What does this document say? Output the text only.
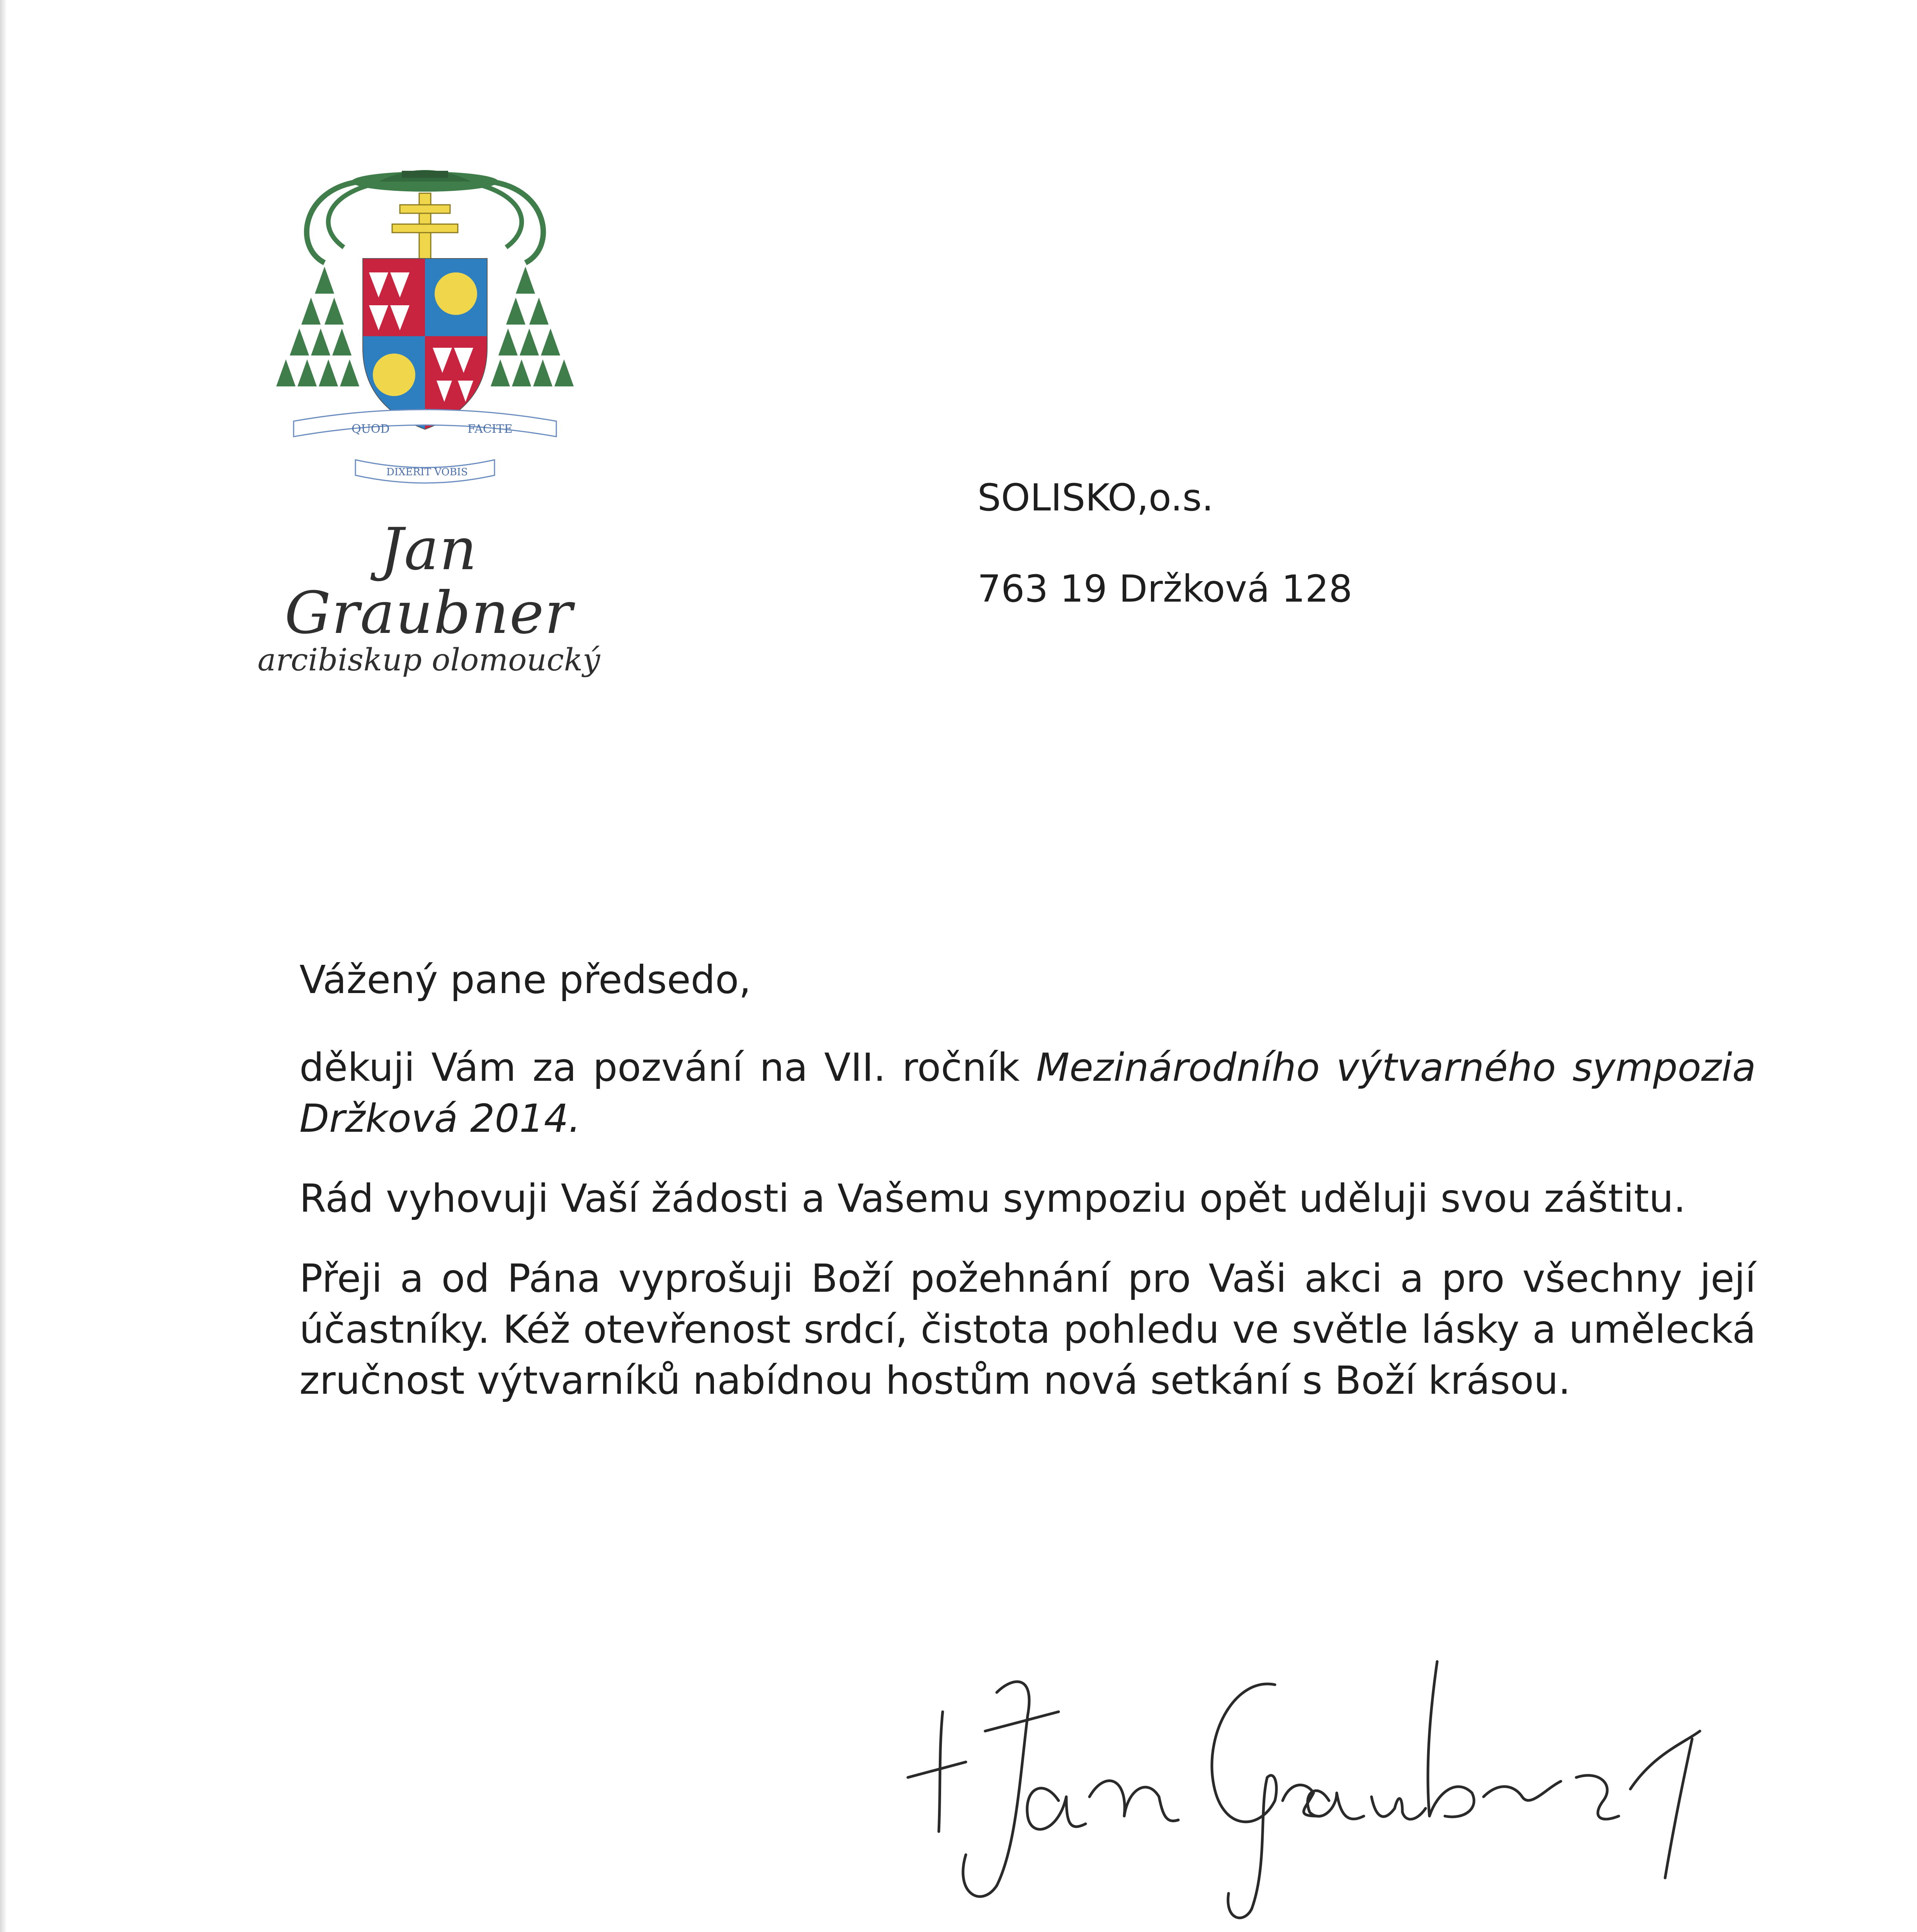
QUOD	FACITE
DIXERIT VOBIS
Jan Graubner
arcibiskup olomoucký
SOLISKO,o.s.
763 19 Držková 128

Vážený pane předsedo,

děkuji Vám za pozvání na VII. ročník Mezinárodního výtvarného sympozia Držková 2014.

Rád vyhovuji Vaší žádosti a Vašemu sympoziu opět uděluji svou záštitu.

Přeji a od Pána vyprošuji Boží požehnání pro Vaši akci a pro všechny její účastníky. Kéž otevřenost srdcí, čistota pohledu ve světle lásky a umělecká zručnost výtvarníků nabídnou hostům nová setkání s Boží krásou.
